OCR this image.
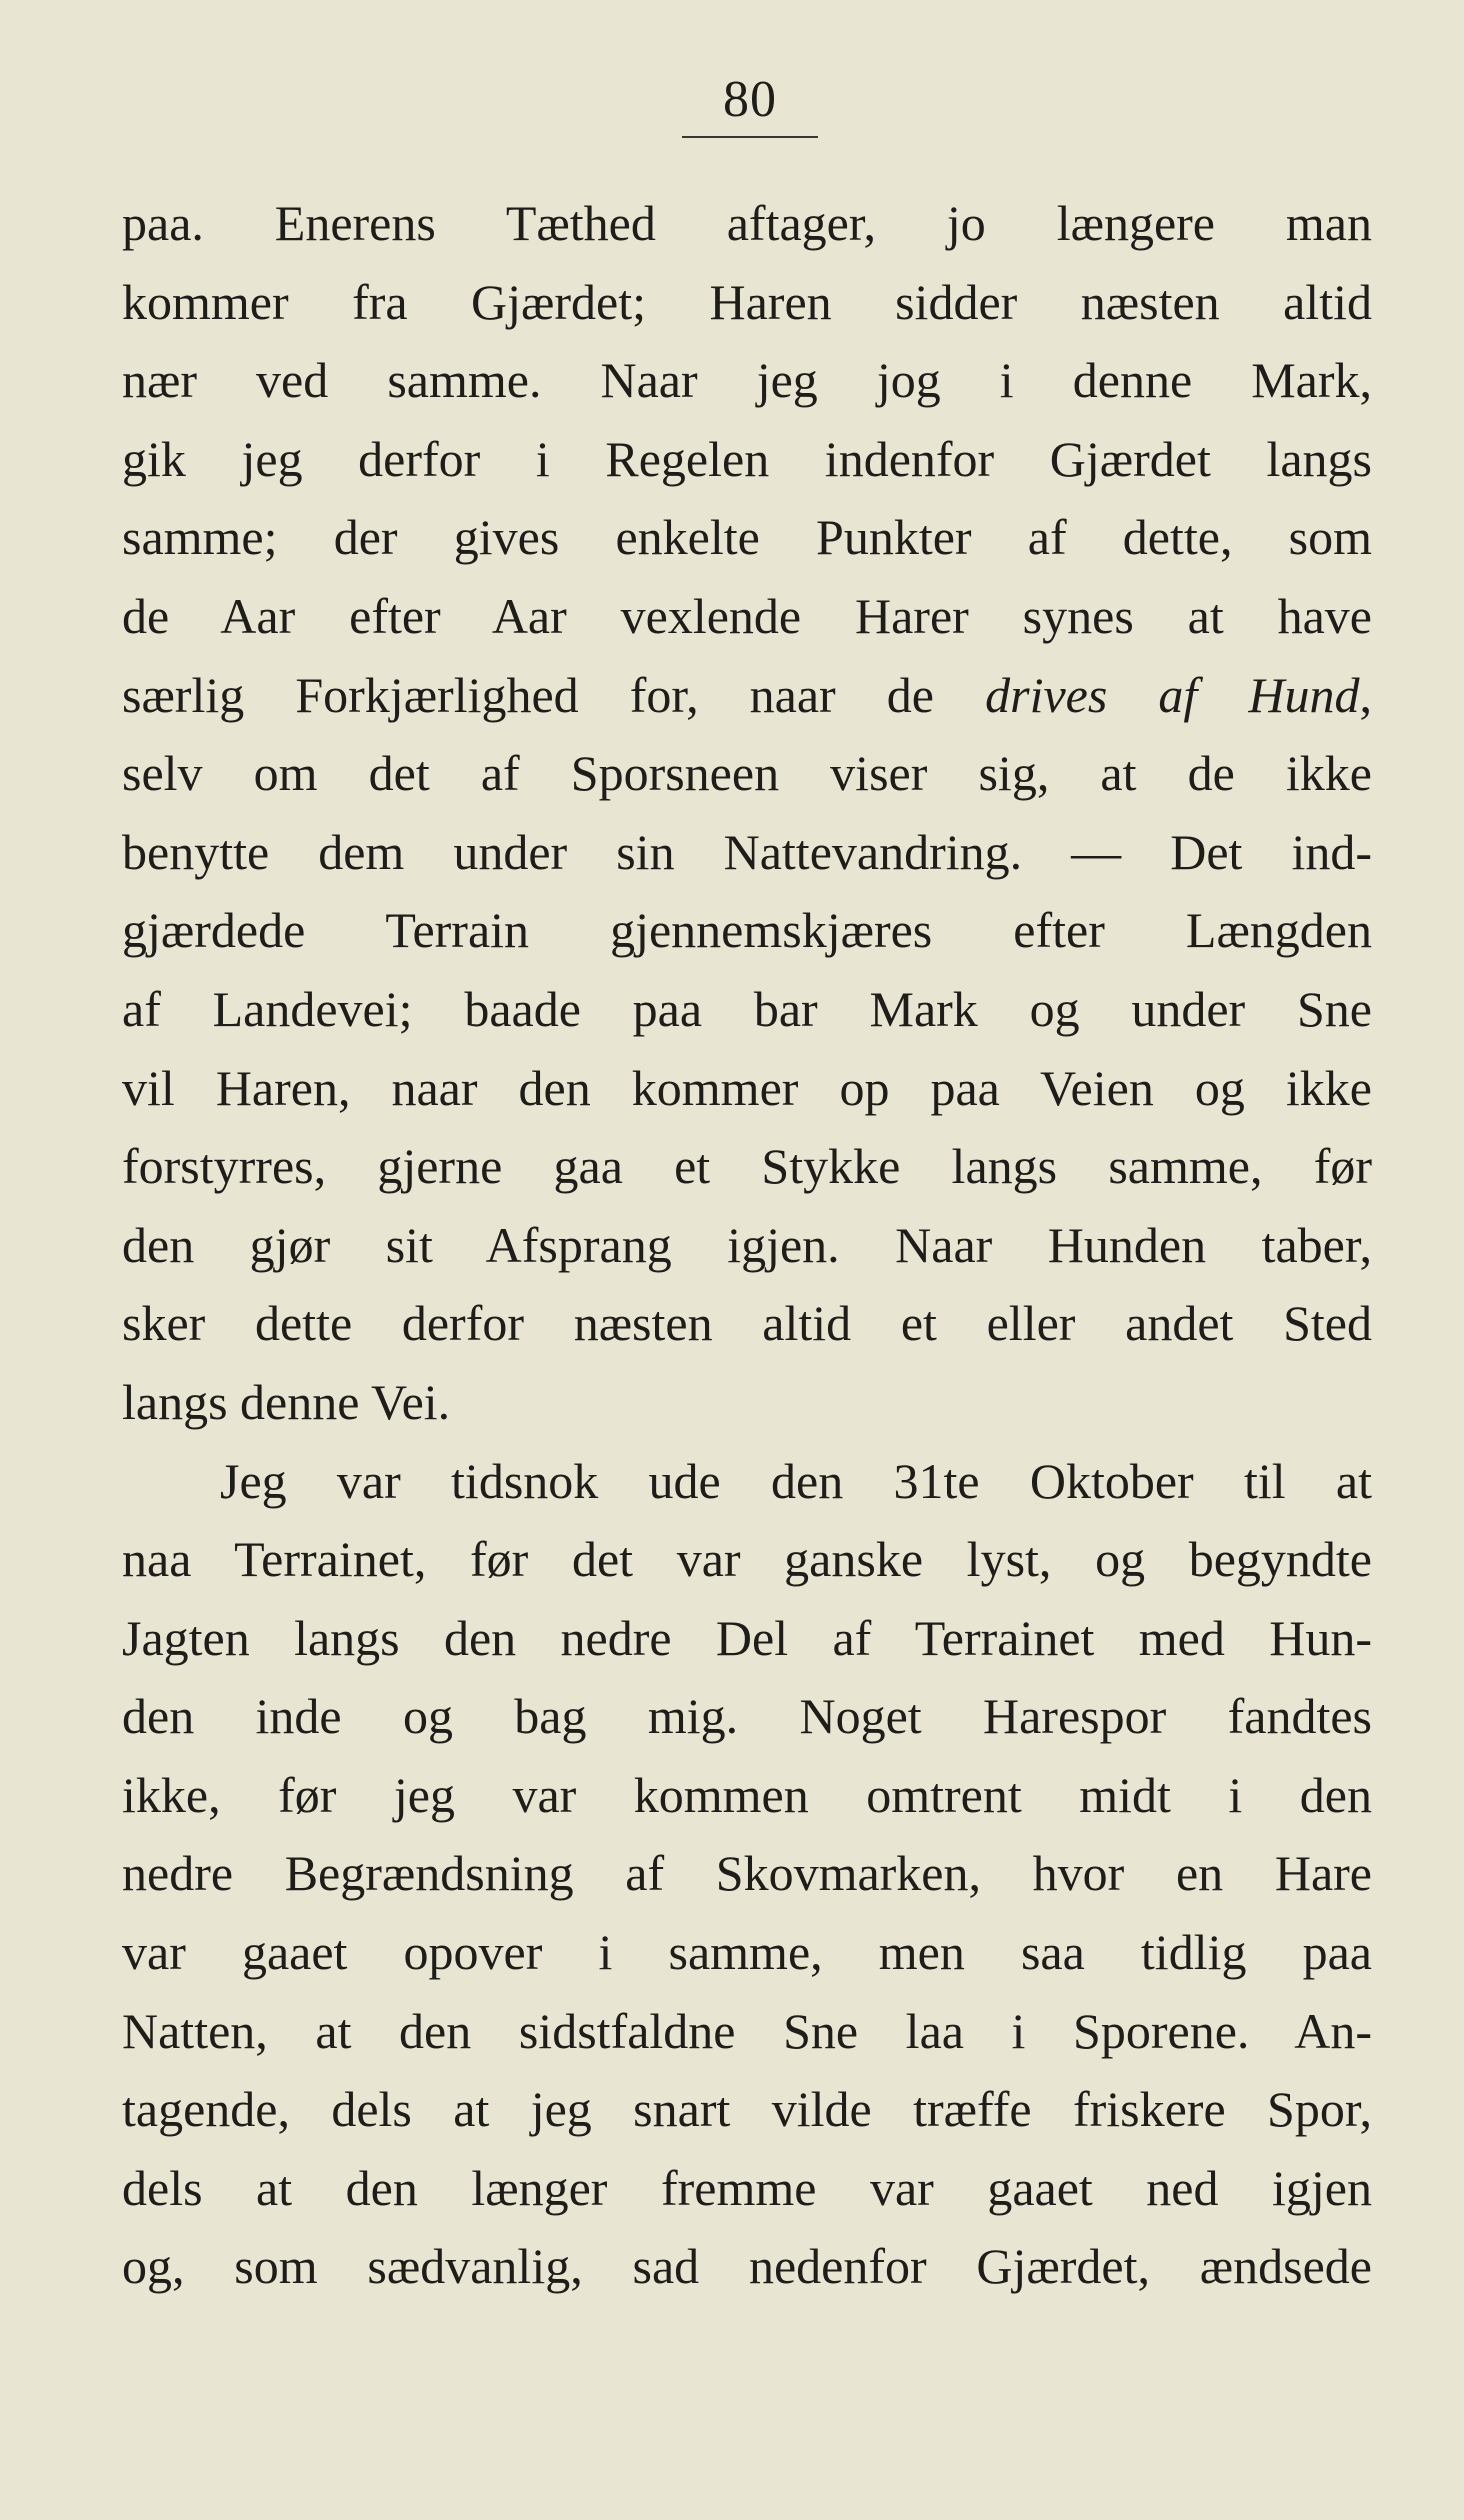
80
paa. Enerens Tæthed aftager, jo længere man
kommer fra Gjærdet; Haren sidder næsten altid
nær ved samme. Naar jeg jog i denne Mark,
gik jeg derfor i Regelen indenfor Gjærdet langs
samme; der gives enkelte Punkter af dette, som
de Aar efter Aar vexlende Harer synes at have
særlig Forkjærlighed for, naar de drives af Hund,
selv om det af Sporsneen viser sig, at de ikke
benytte dem under sin Nattevandring. — Det ind-
gjærdede Terrain gjennemskjæres efter Længden
af Landevei; baade paa bar Mark og under Sne
vil Haren, naar den kommer op paa Veien og ikke
forstyrres, gjerne gaa et Stykke langs samme, før
den gjør sit Afsprang igjen. Naar Hunden taber,
sker dette derfor næsten altid et eller andet Sted
langs denne Vei.
Jeg var tidsnok ude den 31te Oktober til at
naa Terrainet, før det var ganske lyst, og begyndte
Jagten langs den nedre Del af Terrainet med Hun-
den inde og bag mig. Noget Harespor fandtes
ikke, før jeg var kommen omtrent midt i den
nedre Begrændsning af Skovmarken, hvor en Hare
var gaaet opover i samme, men saa tidlig paa
Natten, at den sidstfaldne Sne laa i Sporene. An-
tagende, dels at jeg snart vilde træffe friskere Spor,
dels at den længer fremme var gaaet ned igjen
og, som sædvanlig, sad nedenfor Gjærdet, ændsede
